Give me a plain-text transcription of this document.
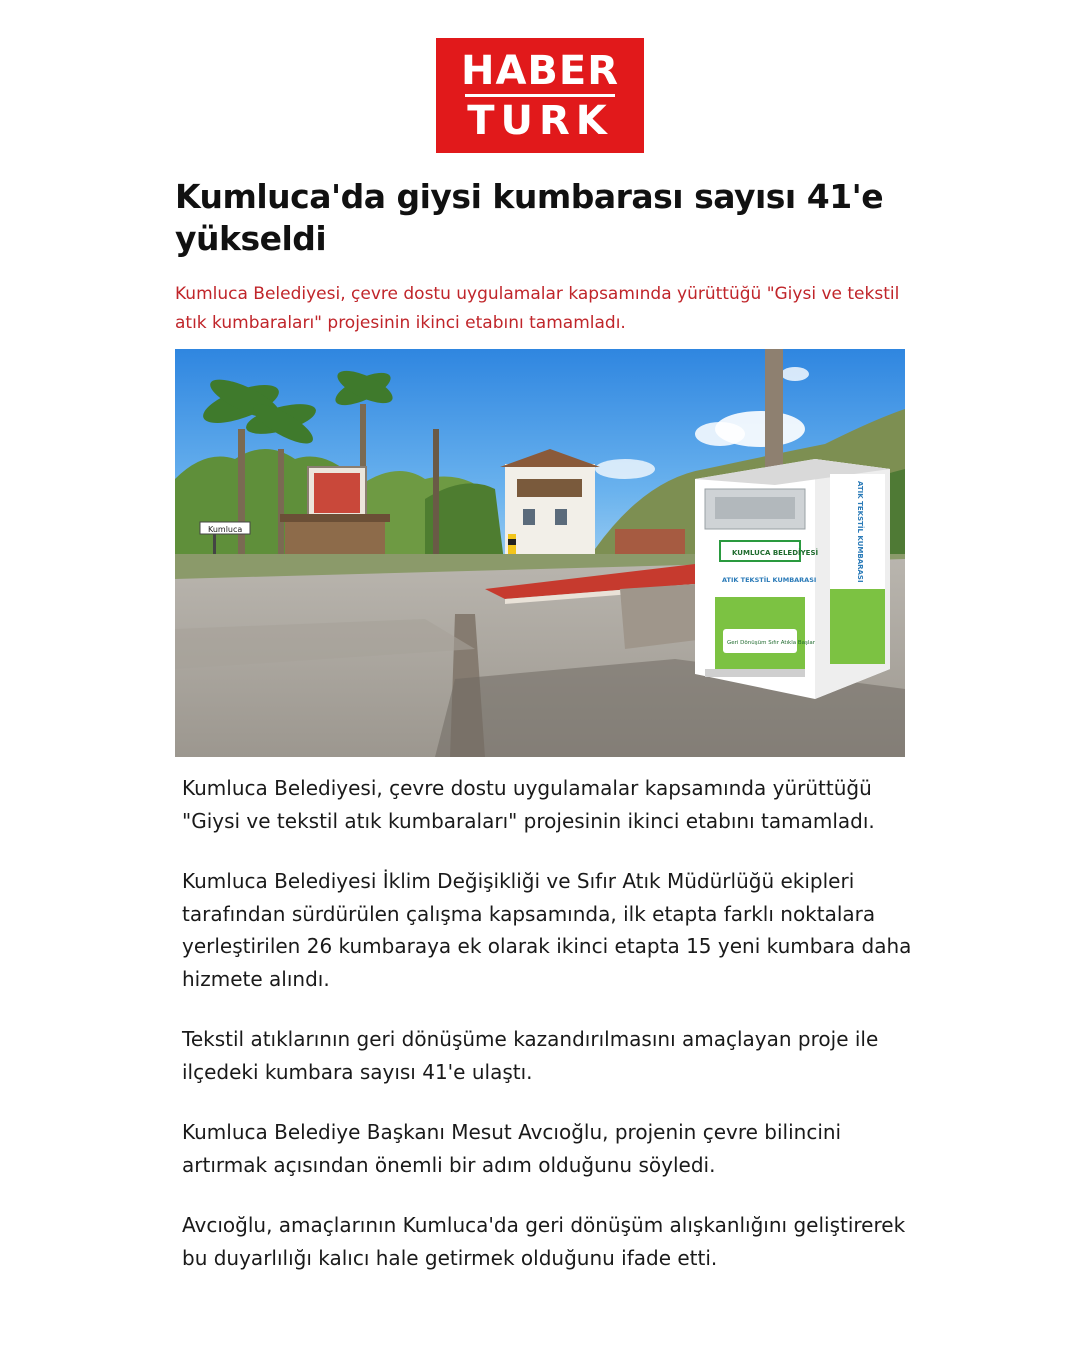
HABER
TURK
Kumluca'da giysi kumbarası sayısı 41'e yükseldi

Kumluca Belediyesi, çevre dostu uygulamalar kapsamında yürüttüğü "Giysi ve tekstil atık kumbaraları" projesinin ikinci etabını tamamladı.

Kumluca
KUMLUCA BELEDİYESİ
ATIK TEKSTİL KUMBARASI
Geri Dönüşüm Sıfır Atıkla Başlar
ATIK TEKSTİL KUMBARASI

Kumluca Belediyesi, çevre dostu uygulamalar kapsamında yürüttüğü "Giysi ve tekstil atık kumbaraları" projesinin ikinci etabını tamamladı.

Kumluca Belediyesi İklim Değişikliği ve Sıfır Atık Müdürlüğü ekipleri tarafından sürdürülen çalışma kapsamında, ilk etapta farklı noktalara yerleştirilen 26 kumbaraya ek olarak ikinci etapta 15 yeni kumbara daha hizmete alındı.

Tekstil atıklarının geri dönüşüme kazandırılmasını amaçlayan proje ile ilçedeki kumbara sayısı 41'e ulaştı.

Kumluca Belediye Başkanı Mesut Avcıoğlu, projenin çevre bilincini artırmak açısından önemli bir adım olduğunu söyledi.

Avcıoğlu, amaçlarının Kumluca'da geri dönüşüm alışkanlığını geliştirerek bu duyarlılığı kalıcı hale getirmek olduğunu ifade etti.
